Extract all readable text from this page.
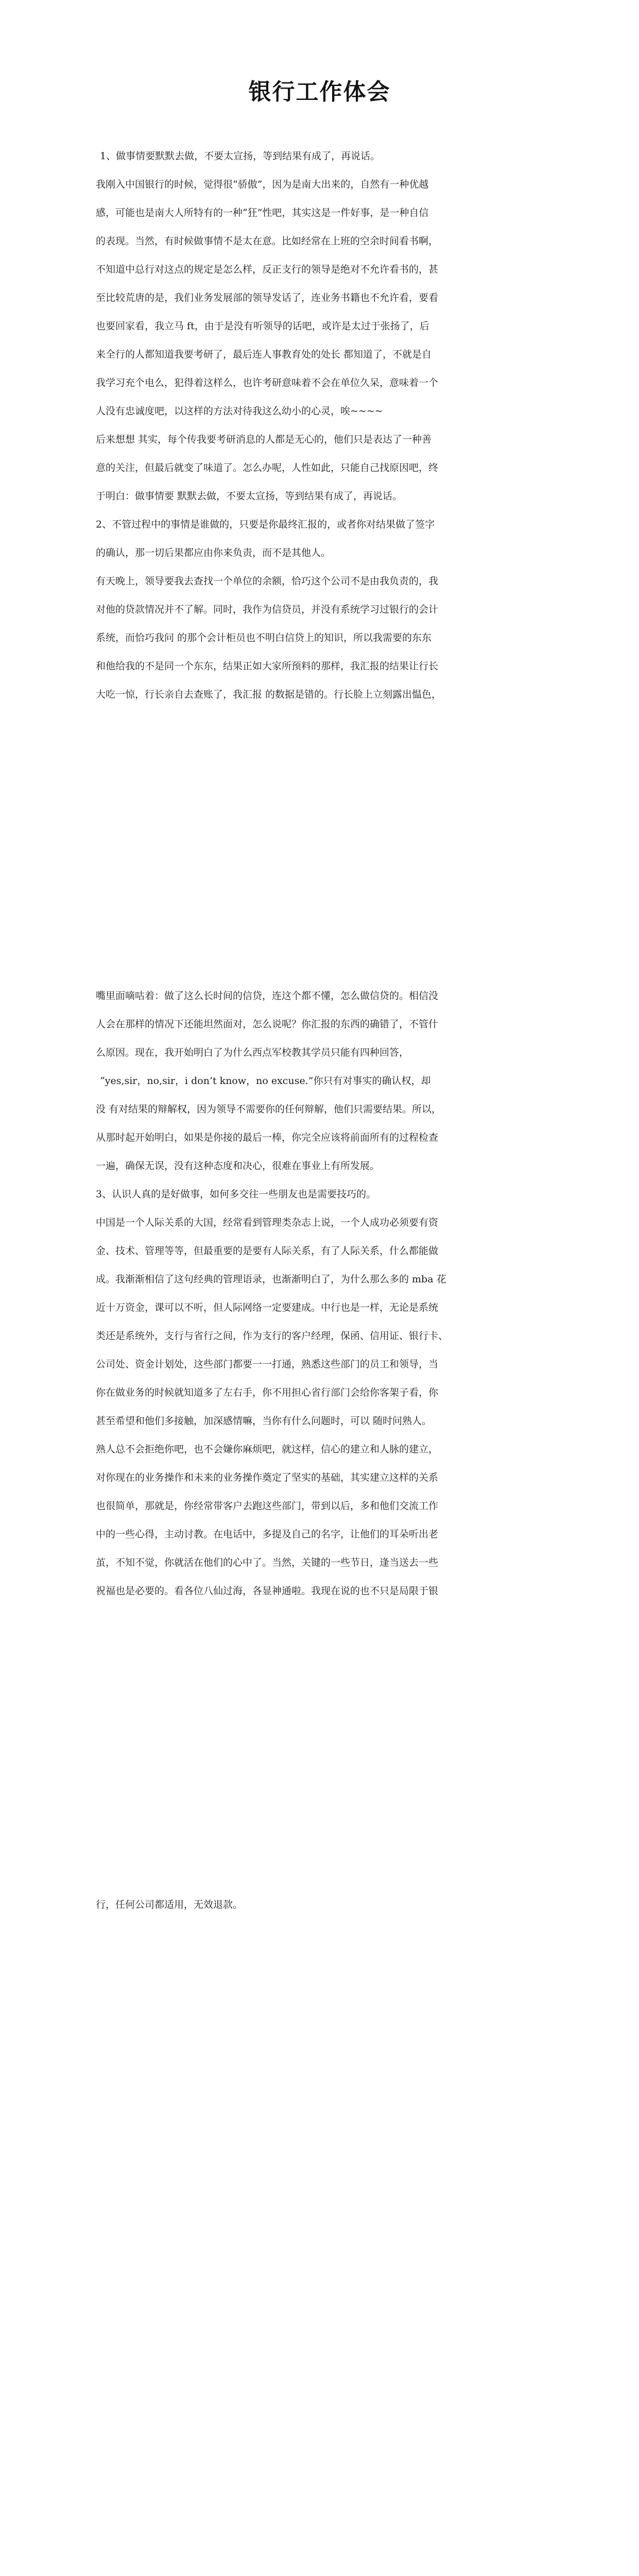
银行工作体会
1、做事情要默默去做，不要太宣扬，等到结果有成了，再说话。
我刚入中国银行的时候，觉得很“骄傲”，因为是南大出来的，自然有一种优越
感，可能也是南大人所特有的一种“狂”性吧，其实这是一件好事，是一种自信
的表现。当然，有时候做事情不是太在意。比如经常在上班的空余时间看书啊，
不知道中总行对这点的规定是怎么样，反正支行的领导是绝对不允许看书的，甚
至比较荒唐的是，我们业务发展部的领导发话了，连业务书籍也不允许看，要看
也要回家看，我立马 ft，由于是没有听领导的话吧，或许是太过于张扬了，后
来全行的人都知道我要考研了，最后连人事教育处的处长 都知道了，不就是自
我学习充个电么，犯得着这样么，也许考研意味着不会在单位久呆，意味着一个
人没有忠诚度吧，以这样的方法对待我这么幼小的心灵，唉~~~~
后来想想 其实，每个传我要考研消息的人都是无心的，他们只是表达了一种善
意的关注，但最后就变了味道了。怎么办呢，人性如此，只能自己找原因吧，终
于明白：做事情要 默默去做，不要太宣扬，等到结果有成了，再说话。
2、不管过程中的事情是谁做的，只要是你最终汇报的，或者你对结果做了签字
的确认，那一切后果都应由你来负责，而不是其他人。
有天晚上，领导要我去查找一个单位的余额，恰巧这个公司不是由我负责的，我
对他的贷款情况并不了解。同时，我作为信贷员，并没有系统学习过银行的会计
系统，而恰巧我问 的那个会计柜员也不明白信贷上的知识，所以我需要的东东
和他给我的不是同一个东东，结果正如大家所预料的那样，我汇报的结果让行长
大吃一惊，行长亲自去查账了，我汇报 的数据是错的。行长脸上立刻露出愠色，
嘴里面嘀咕着：做了这么长时间的信贷，连这个都不懂，怎么做信贷的。相信没
人会在那样的情况下还能坦然面对，怎么说呢？你汇报的东西的确错了，不管什
么原因。现在，我开始明白了为什么西点军校教其学员只能有四种回答，
“yes,sir，no,sir，i don’t know，no excuse.”你只有对事实的确认权，却
没 有对结果的辩解权，因为领导不需要你的任何辩解，他们只需要结果。所以，
从那时起开始明白，如果是你接的最后一棒，你完全应该将前面所有的过程检查
一遍，确保无误，没有这种态度和决心，很难在事业上有所发展。
3、认识人真的是好做事，如何多交往一些朋友也是需要技巧的。
中国是一个人际关系的大国，经常看到管理类杂志上说，一个人成功必须要有资
金、技术、管理等等，但最重要的是要有人际关系，有了人际关系，什么都能做
成。我渐渐相信了这句经典的管理语录，也渐渐明白了，为什么那么多的 mba 花
近十万资金，课可以不听，但人际网络一定要建成。中行也是一样，无论是系统
类还是系统外，支行与省行之间，作为支行的客户经理，保函、信用证、银行卡、
公司处、资金计划处，这些部门都要一一打通，熟悉这些部门的员工和领导，当
你在做业务的时候就知道多了左右手，你不用担心省行部门会给你客架子看，你
甚至希望和他们多接触，加深感情嘛，当你有什么问题时，可以 随时问熟人。
熟人总不会拒绝你吧，也不会嫌你麻烦吧，就这样，信心的建立和人脉的建立，
对你现在的业务操作和未来的业务操作奠定了坚实的基础，其实建立这样的关系
也很简单，那就是，你经常带客户去跑这些部门，带到以后，多和他们交流工作
中的一些心得，主动讨教。在电话中，多提及自己的名字，让他们的耳朵听出老
茧，不知不觉，你就活在他们的心中了。当然，关键的一些节日，逢当送去一些
祝福也是必要的。看各位八仙过海，各显神通啦。我现在说的也不只是局限于银
行，任何公司都适用，无效退款。
